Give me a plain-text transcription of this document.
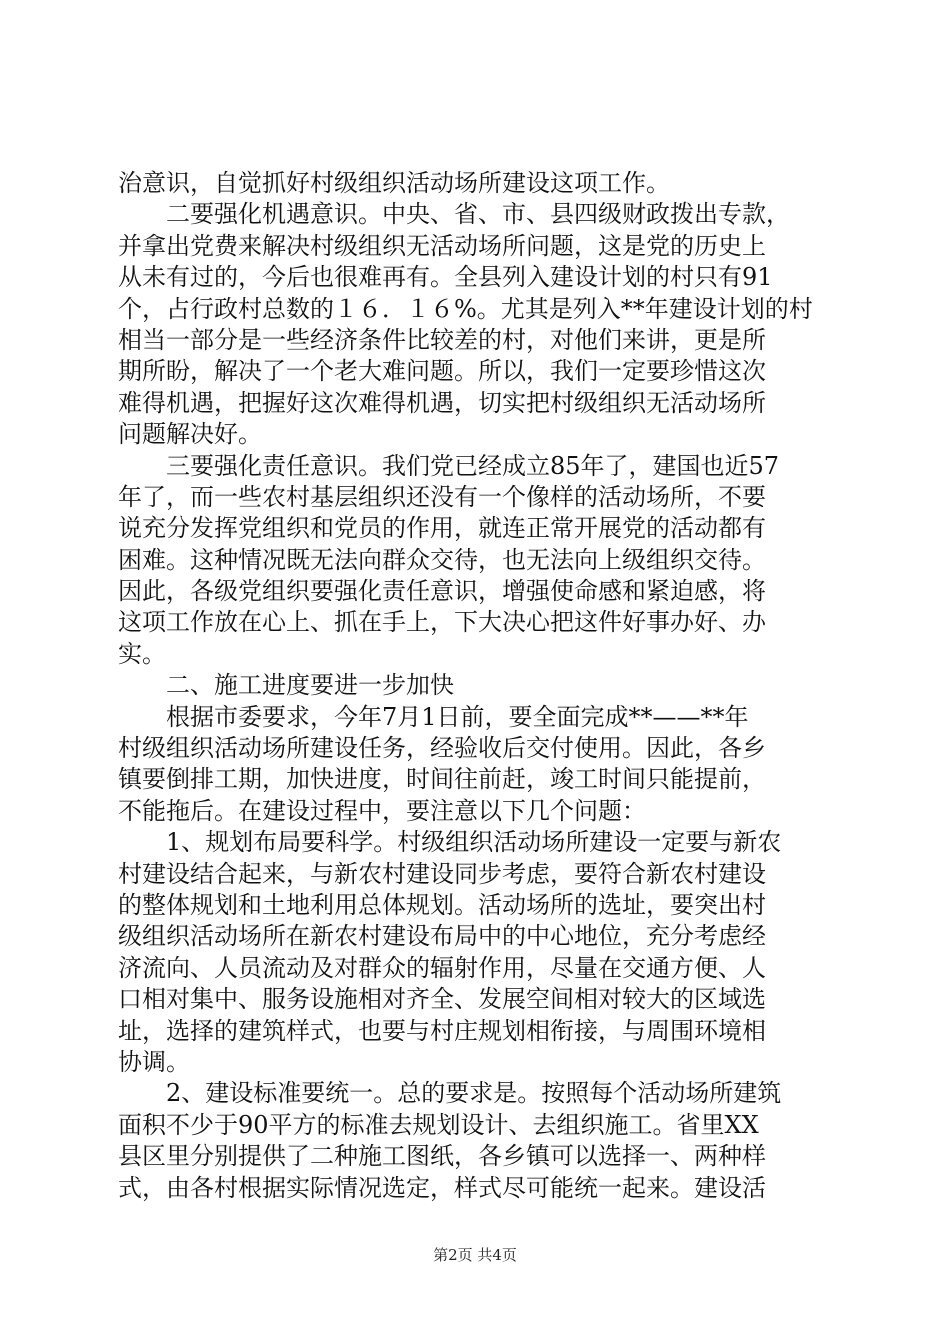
治意识，自觉抓好村级组织活动场所建设这项工作。
　　二要强化机遇意识。中央、省、市、县四级财政拨出专款，
并拿出党费来解决村级组织无活动场所问题，这是党的历史上
从未有过的，今后也很难再有。全县列入建设计划的村只有91
个，占行政村总数的１６．１６%。尤其是列入**年建设计划的村
相当一部分是一些经济条件比较差的村，对他们来讲，更是所
期所盼，解决了一个老大难问题。所以，我们一定要珍惜这次
难得机遇，把握好这次难得机遇，切实把村级组织无活动场所
问题解决好。
　　三要强化责任意识。我们党已经成立85年了，建国也近57
年了，而一些农村基层组织还没有一个像样的活动场所，不要
说充分发挥党组织和党员的作用，就连正常开展党的活动都有
困难。这种情况既无法向群众交待，也无法向上级组织交待。
因此，各级党组织要强化责任意识，增强使命感和紧迫感，将
这项工作放在心上、抓在手上，下大决心把这件好事办好、办
实。
　　二、施工进度要进一步加快
　　根据市委要求，今年7月1日前，要全面完成**——**年
村级组织活动场所建设任务，经验收后交付使用。因此，各乡
镇要倒排工期，加快进度，时间往前赶，竣工时间只能提前，
不能拖后。在建设过程中，要注意以下几个问题：
　　1、规划布局要科学。村级组织活动场所建设一定要与新农
村建设结合起来，与新农村建设同步考虑，要符合新农村建设
的整体规划和土地利用总体规划。活动场所的选址，要突出村
级组织活动场所在新农村建设布局中的中心地位，充分考虑经
济流向、人员流动及对群众的辐射作用，尽量在交通方便、人
口相对集中、服务设施相对齐全、发展空间相对较大的区域选
址，选择的建筑样式，也要与村庄规划相衔接，与周围环境相
协调。
　　2、建设标准要统一。总的要求是。按照每个活动场所建筑
面积不少于90平方的标准去规划设计、去组织施工。省里XX
县区里分别提供了二种施工图纸，各乡镇可以选择一、两种样
式，由各村根据实际情况选定，样式尽可能统一起来。建设活
第2页 共4页
